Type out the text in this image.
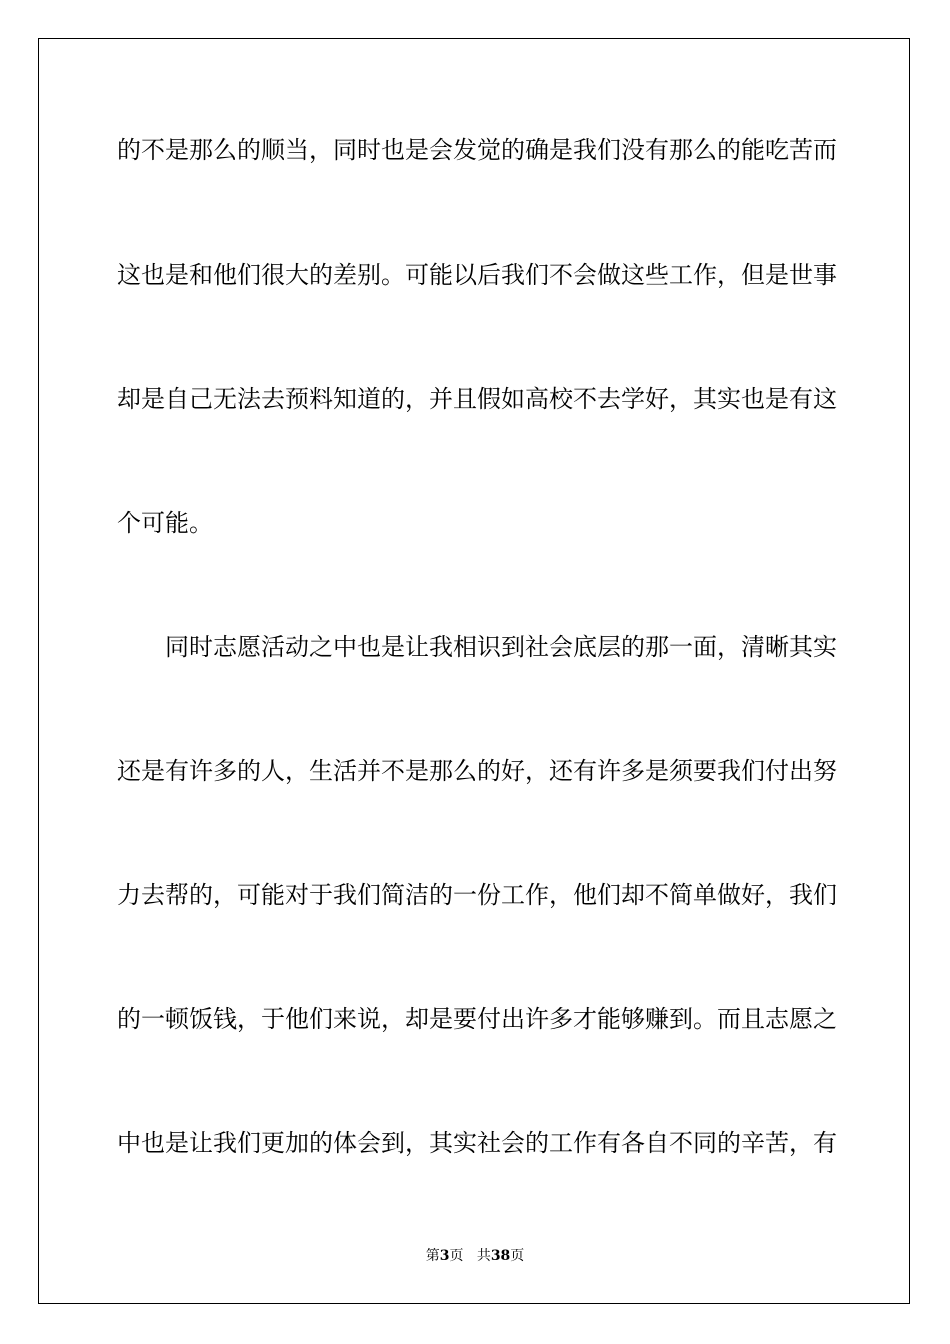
的不是那么的顺当，同时也是会发觉的确是我们没有那么的能吃苦而
这也是和他们很大的差别。可能以后我们不会做这些工作，但是世事
却是自己无法去预料知道的，并且假如高校不去学好，其实也是有这
个可能。
同时志愿活动之中也是让我相识到社会底层的那一面，清晰其实
还是有许多的人，生活并不是那么的好，还有许多是须要我们付出努
力去帮的，可能对于我们简洁的一份工作，他们却不简单做好，我们
的一顿饭钱，于他们来说，却是要付出许多才能够赚到。而且志愿之
中也是让我们更加的体会到，其实社会的工作有各自不同的辛苦，有
第3页 共38页
